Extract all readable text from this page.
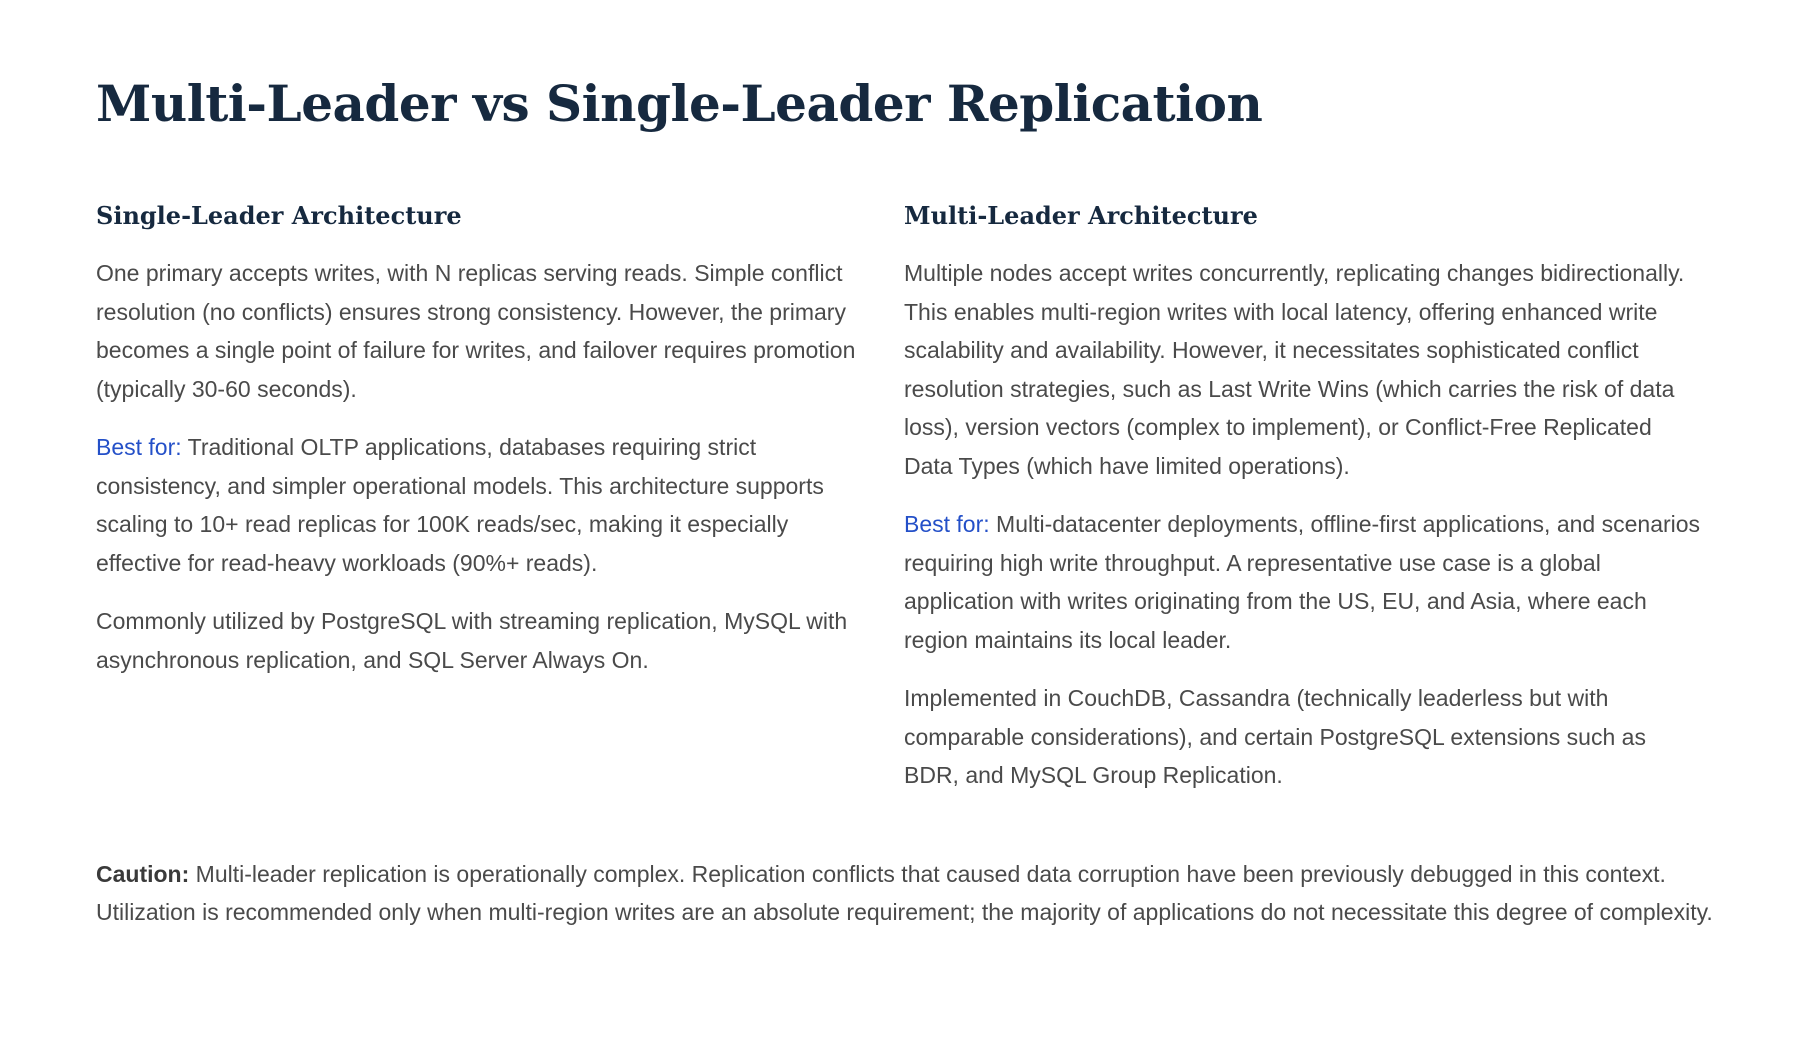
Multi-Leader vs Single-Leader Replication
Single-Leader Architecture

One primary accepts writes, with N replicas serving reads. Simple conflict resolution (no conflicts) ensures strong consistency. However, the primary becomes a single point of failure for writes, and failover requires promotion (typically 30-60 seconds).

Best for: Traditional OLTP applications, databases requiring strict consistency, and simpler operational models. This architecture supports scaling to 10+ read replicas for 100K reads/sec, making it especially effective for read-heavy workloads (90%+ reads).

Commonly utilized by PostgreSQL with streaming replication, MySQL with asynchronous replication, and SQL Server Always On.

Multi-Leader Architecture

Multiple nodes accept writes concurrently, replicating changes bidirectionally. This enables multi-region writes with local latency, offering enhanced write scalability and availability. However, it necessitates sophisticated conflict resolution strategies, such as Last Write Wins (which carries the risk of data loss), version vectors (complex to implement), or Conflict-Free Replicated Data Types (which have limited operations).

Best for: Multi-datacenter deployments, offline-first applications, and scenarios requiring high write throughput. A representative use case is a global application with writes originating from the US, EU, and Asia, where each region maintains its local leader.

Implemented in CouchDB, Cassandra (technically leaderless but with comparable considerations), and certain PostgreSQL extensions such as BDR, and MySQL Group Replication.

Caution: Multi-leader replication is operationally complex. Replication conflicts that caused data corruption have been previously debugged in this context. Utilization is recommended only when multi-region writes are an absolute requirement; the majority of applications do not necessitate this degree of complexity.
